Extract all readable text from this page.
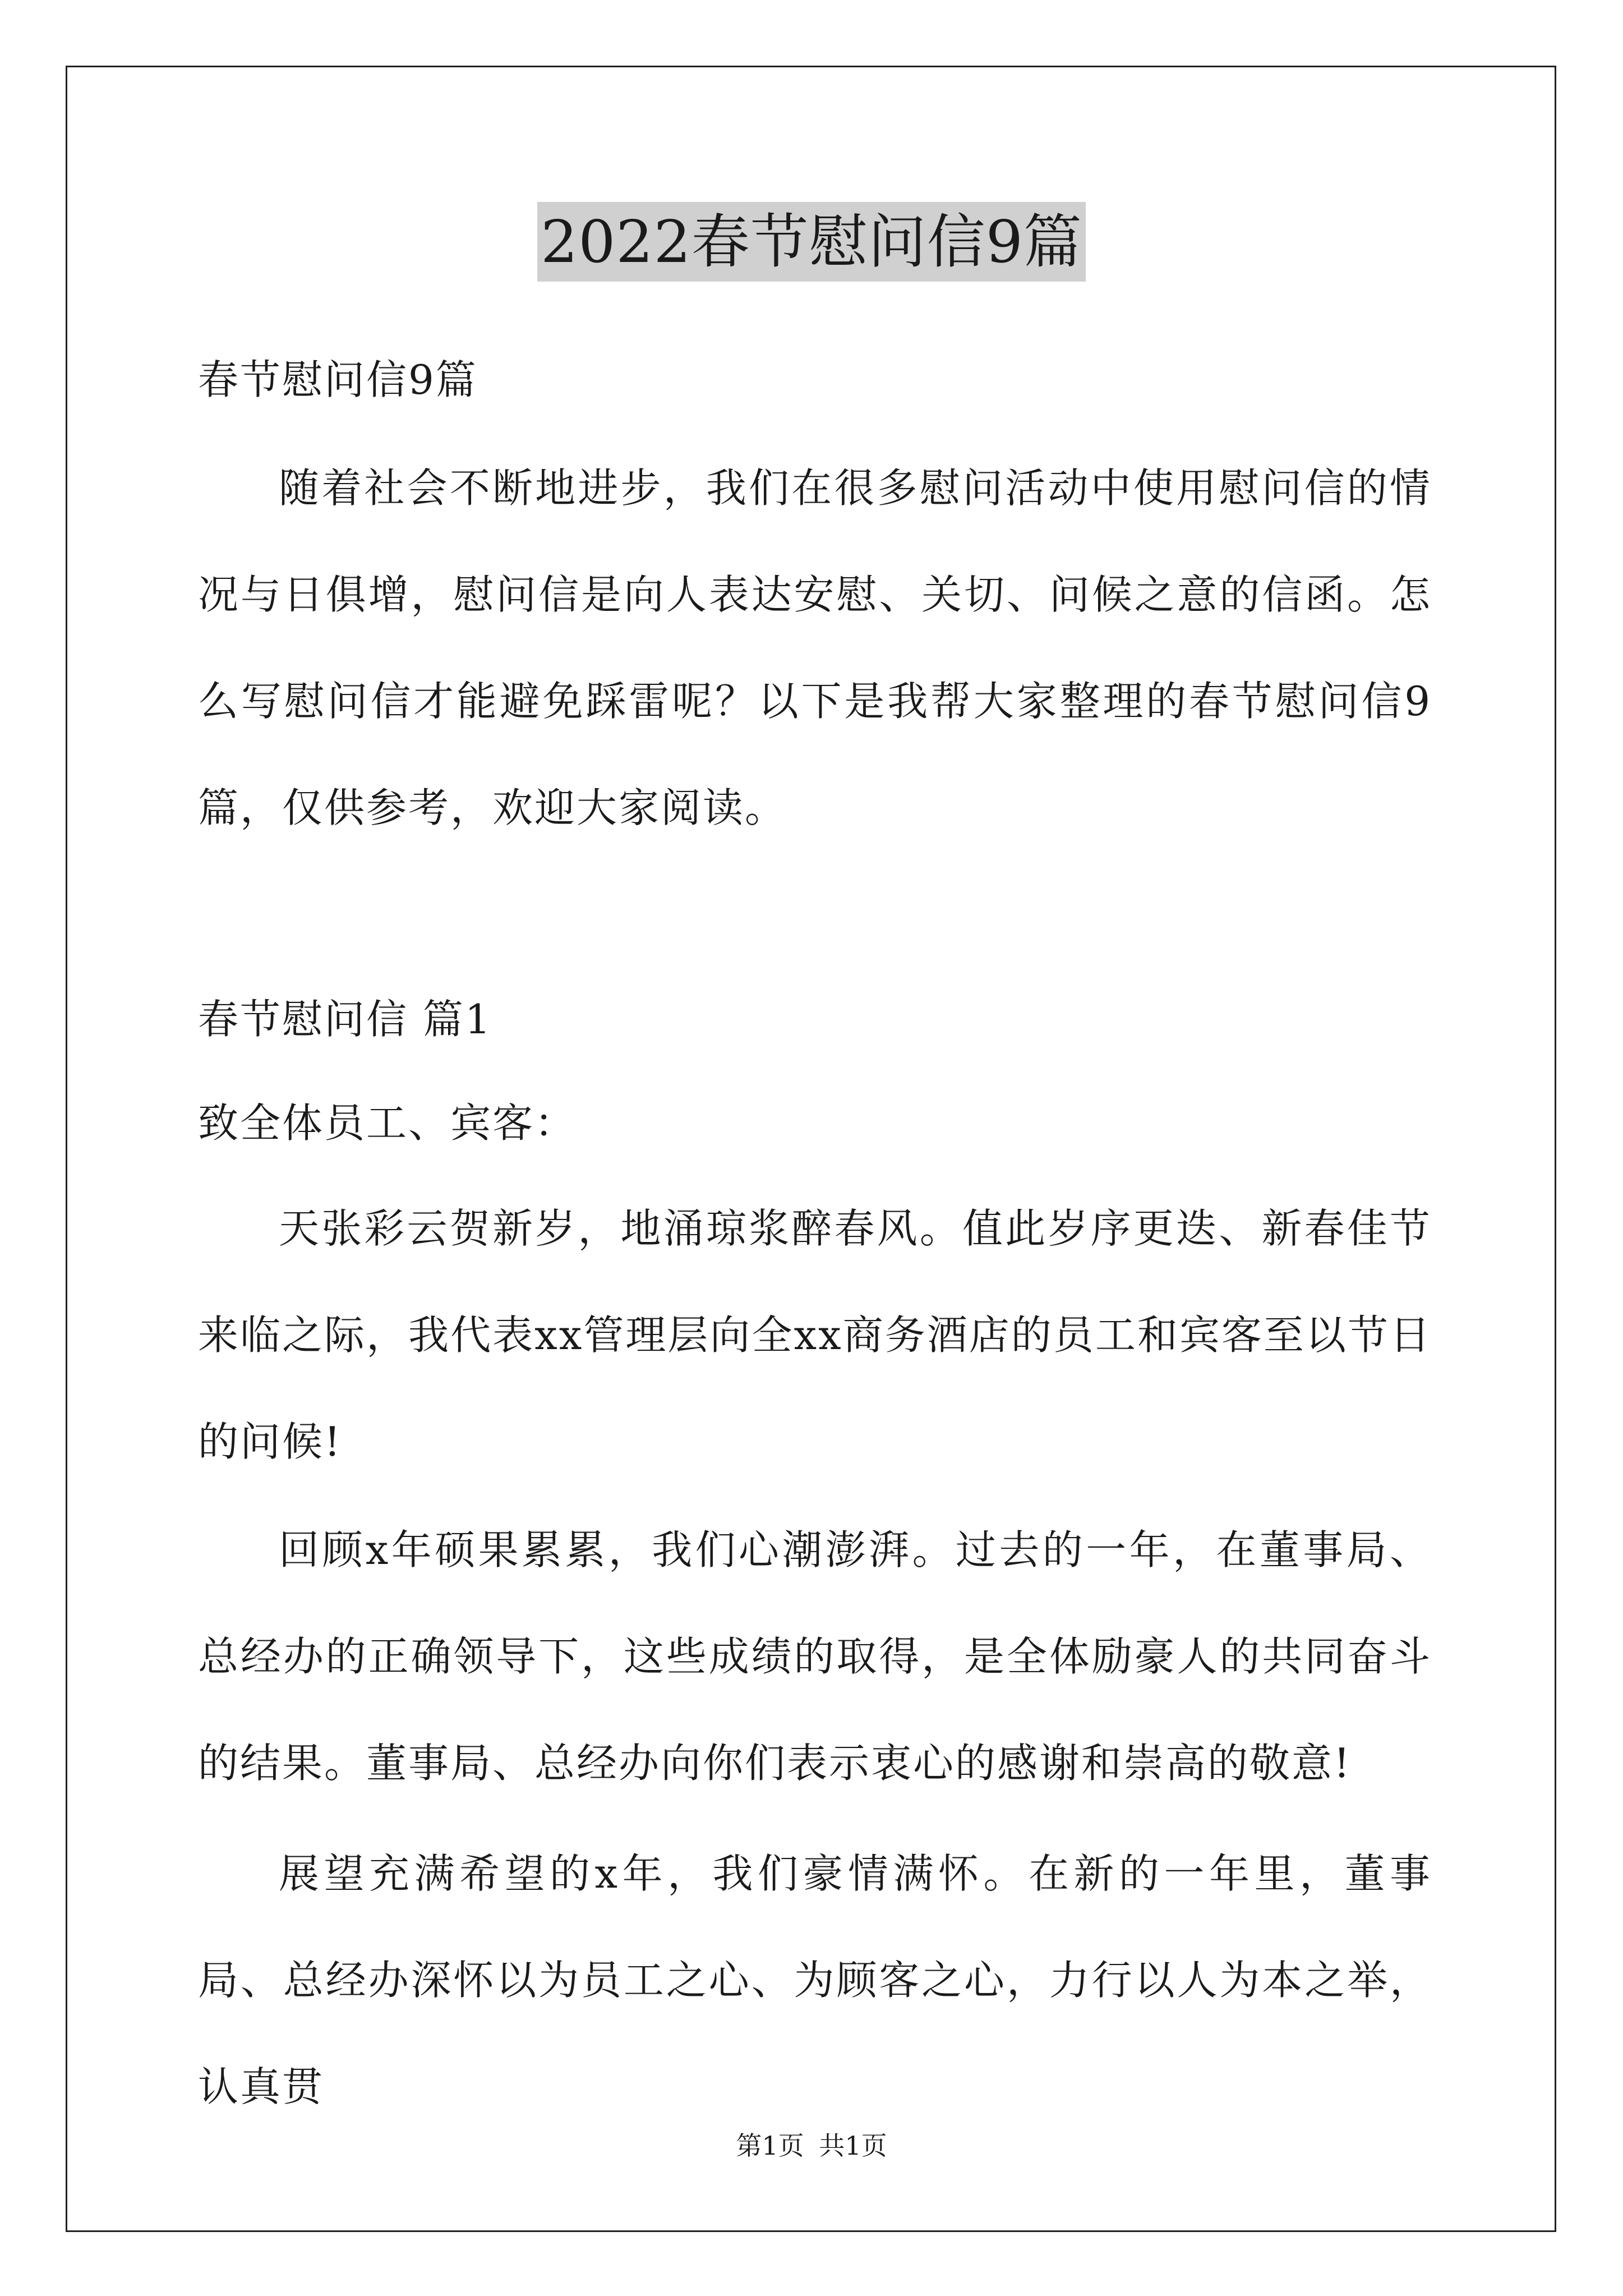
2022春节慰问信9篇

春节慰问信9篇

随着社会不断地进步，我们在很多慰问活动中使用慰问信的情况与日俱增，慰问信是向人表达安慰、关切、问候之意的信函。怎么写慰问信才能避免踩雷呢？以下是我帮大家整理的春节慰问信9篇，仅供参考，欢迎大家阅读。

春节慰问信 篇1

致全体员工、宾客：

天张彩云贺新岁，地涌琼浆醉春风。值此岁序更迭、新春佳节来临之际，我代表xx管理层向全xx商务酒店的员工和宾客至以节日的问候!

回顾x年硕果累累，我们心潮澎湃。过去的一年，在董事局、总经办的正确领导下，这些成绩的取得，是全体励豪人的共同奋斗的结果。董事局、总经办向你们表示衷心的感谢和崇高的敬意!

展望充满希望的x年，我们豪情满怀。在新的一年里，董事局、总经办深怀以为员工之心、为顾客之心，力行以人为本之举，认真贯

第1页 共1页
